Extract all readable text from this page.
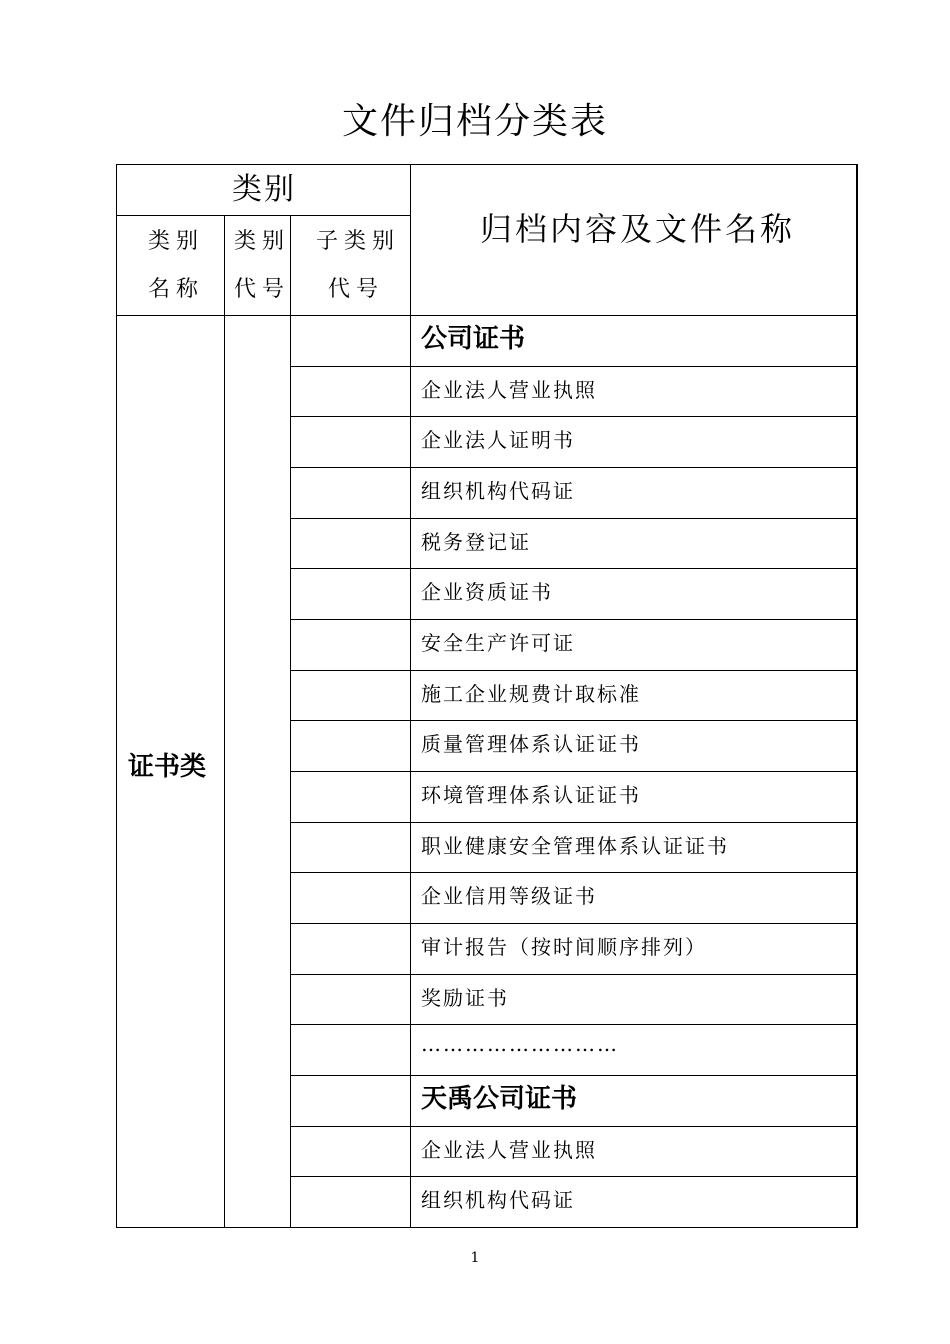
文件归档分类表
类别
归档内容及文件名称
类别
名称
类别
代号
子类别
代号
证书类
公司证书
企业法人营业执照
企业法人证明书
组织机构代码证
税务登记证
企业资质证书
安全生产许可证
施工企业规费计取标准
质量管理体系认证证书
环境管理体系认证证书
职业健康安全管理体系认证证书
企业信用等级证书
审计报告（按时间顺序排列）
奖励证书
………………………
天禹公司证书
企业法人营业执照
组织机构代码证
1
